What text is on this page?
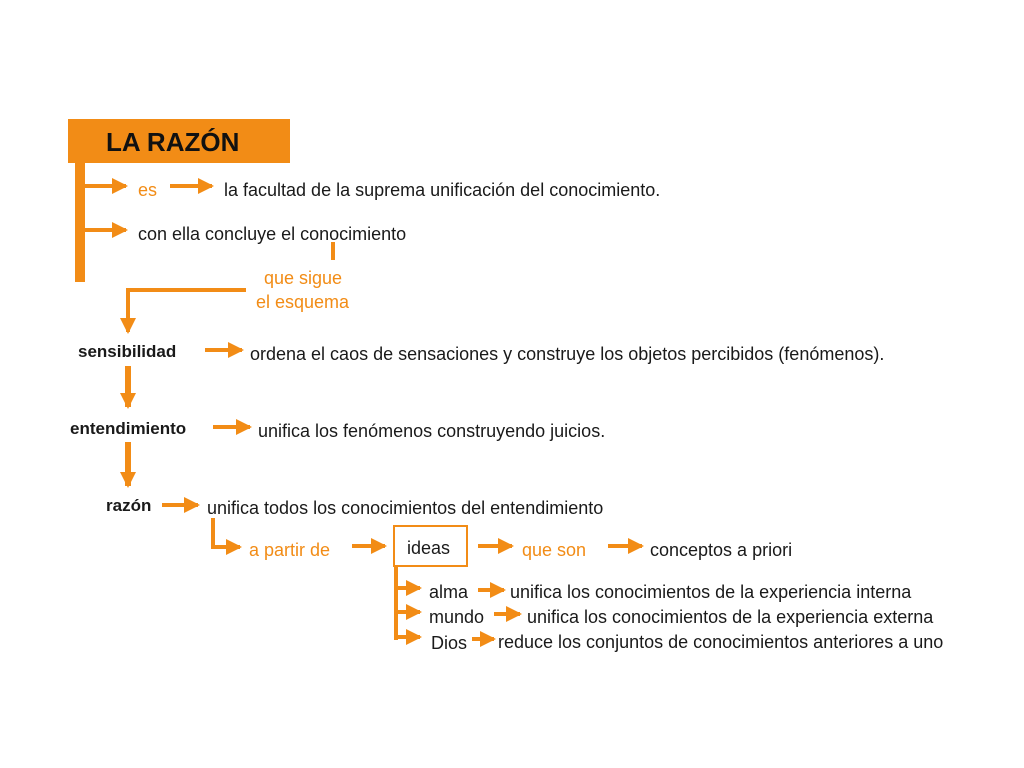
LA RAZÓN
es	la facultad de la suprema unificación del conocimiento.
con ella concluye el conocimiento
que sigue
el esquema
sensibilidad	ordena el caos de sensaciones y construye los objetos percibidos (fenómenos).
entendimiento	unifica los fenómenos construyendo juicios.
razón	unifica todos los conocimientos del entendimiento
a partir de	ideas	que son	conceptos a priori
alma unifica los conocimientos de la experiencia interna
mundo unifica los conocimientos de la experiencia externa
Dios reduce los conjuntos de conocimientos anteriores a uno
